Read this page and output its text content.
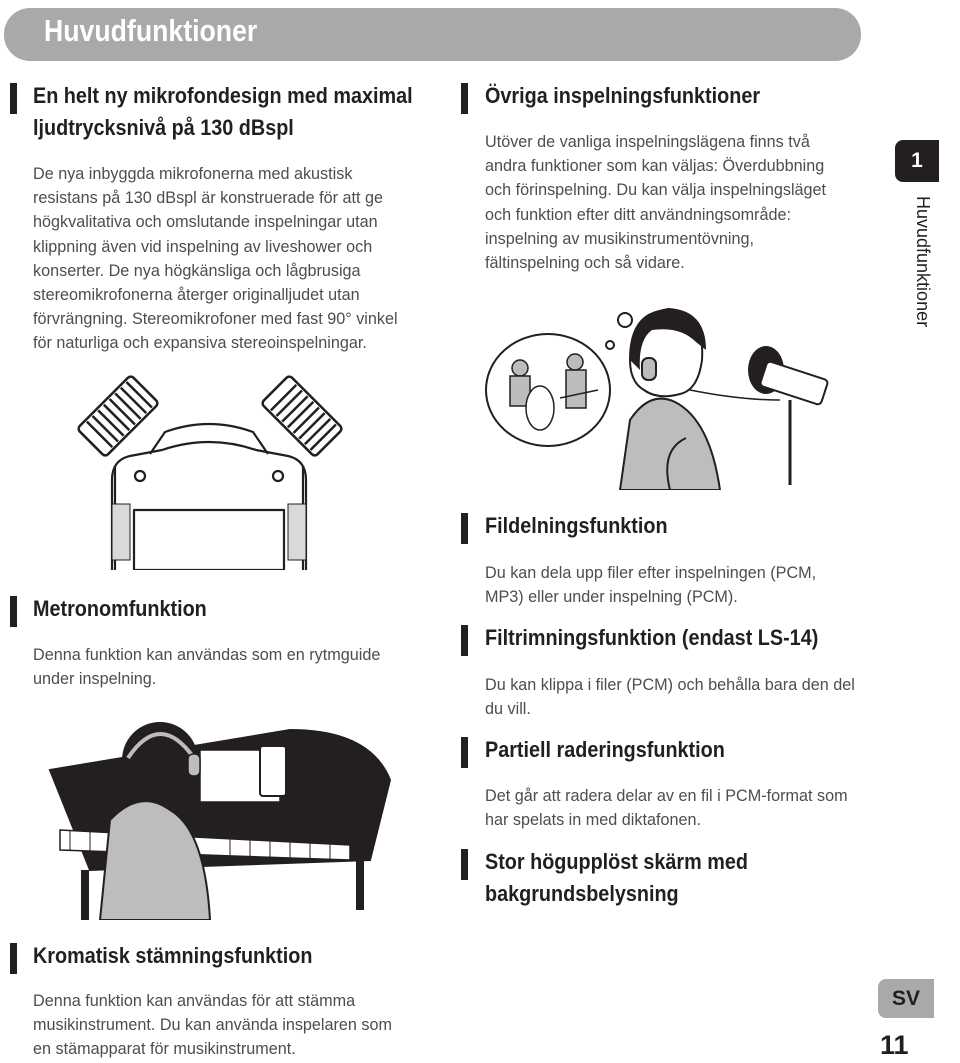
Huvudfunktioner
En helt ny mikrofondesign med maximal
ljudtrycksnivå på 130 dBspl
De nya inbyggda mikrofonerna med akustisk
resistans på 130 dBspl är konstruerade för att ge
högkvalitativa och omslutande inspelningar utan
klippning även vid inspelning av liveshower och
konserter. De nya högkänsliga och lågbrusiga
stereomikrofonerna återger originalljudet utan
förvrängning. Stereomikrofoner med fast 90° vinkel
för naturliga och expansiva stereoinspelningar.
Övriga inspelningsfunktioner
Utöver de vanliga inspelningslägena finns två
andra funktioner som kan väljas: Överdubbning
och förinspelning. Du kan välja inspelningsläget
och funktion efter ditt användningsområde:
inspelning av musikinstrumentövning,
fältinspelning och så vidare.
Fildelningsfunktion
Du kan dela upp filer efter inspelningen (PCM,
MP3) eller under inspelning (PCM).
Metronomfunktion
Denna funktion kan användas som en rytmguide
under inspelning.
Filtrimningsfunktion (endast LS-14)
Du kan klippa i filer (PCM) och behålla bara den del
du vill.
Partiell raderingsfunktion
Det går att radera delar av en fil i PCM-format som
har spelats in med diktafonen.
Stor högupplöst skärm med
bakgrundsbelysning
Kromatisk stämningsfunktion
Denna funktion kan användas för att stämma
musikinstrument. Du kan använda inspelaren som
en stämapparat för musikinstrument.
1
Huvudfunktioner
SV
11
